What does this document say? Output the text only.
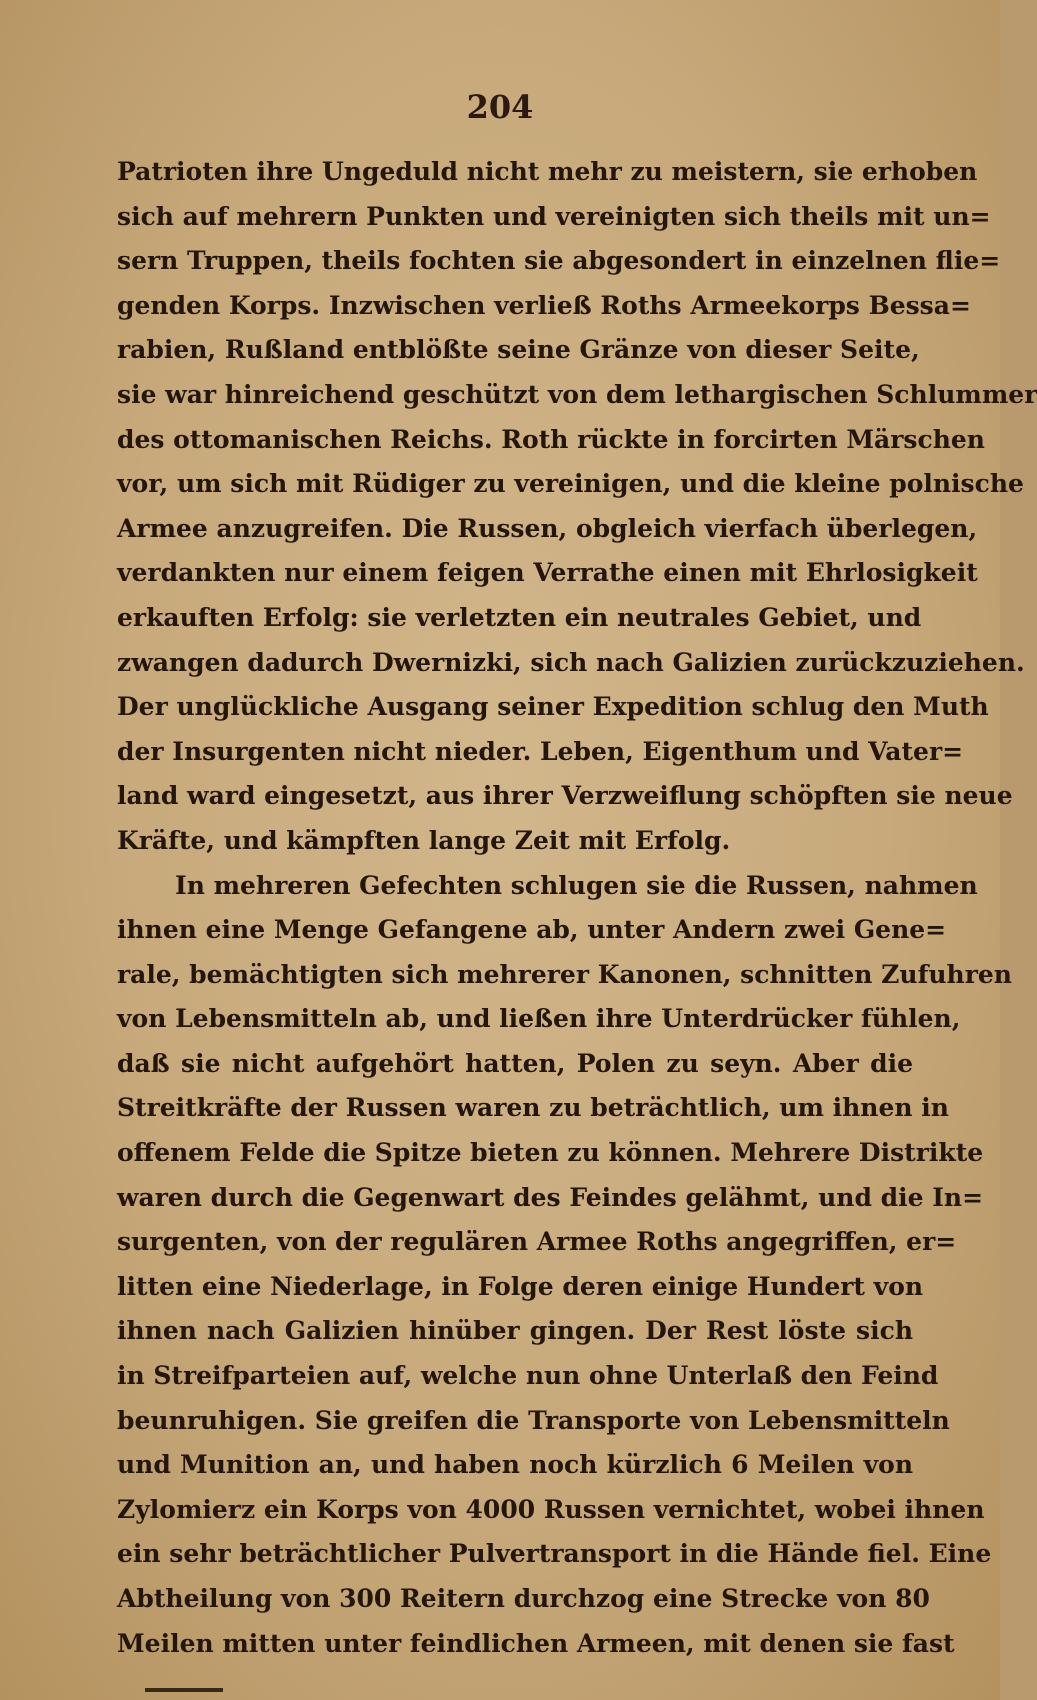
204
Patrioten ihre Ungeduld nicht mehr zu meistern, sie erhoben
sich auf mehrern Punkten und vereinigten sich theils mit un=
sern Truppen, theils fochten sie abgesondert in einzelnen flie=
genden Korps. Inzwischen verließ Roths Armeekorps Bessa=
rabien, Rußland entblößte seine Gränze von dieser Seite,
sie war hinreichend geschützt von dem lethargischen Schlummer
des ottomanischen Reichs. Roth rückte in forcirten Märschen
vor, um sich mit Rüdiger zu vereinigen, und die kleine polnische
Armee anzugreifen. Die Russen, obgleich vierfach überlegen,
verdankten nur einem feigen Verrathe einen mit Ehrlosigkeit
erkauften Erfolg: sie verletzten ein neutrales Gebiet, und
zwangen dadurch Dwernizki, sich nach Galizien zurückzuziehen.
Der unglückliche Ausgang seiner Expedition schlug den Muth
der Insurgenten nicht nieder. Leben, Eigenthum und Vater=
land ward eingesetzt, aus ihrer Verzweiflung schöpften sie neue
Kräfte, und kämpften lange Zeit mit Erfolg.
In mehreren Gefechten schlugen sie die Russen, nahmen
ihnen eine Menge Gefangene ab, unter Andern zwei Gene=
rale, bemächtigten sich mehrerer Kanonen, schnitten Zufuhren
von Lebensmitteln ab, und ließen ihre Unterdrücker fühlen,
daß sie nicht aufgehört hatten, Polen zu seyn. Aber die
Streitkräfte der Russen waren zu beträchtlich, um ihnen in
offenem Felde die Spitze bieten zu können. Mehrere Distrikte
waren durch die Gegenwart des Feindes gelähmt, und die In=
surgenten, von der regulären Armee Roths angegriffen, er=
litten eine Niederlage, in Folge deren einige Hundert von
ihnen nach Galizien hinüber gingen. Der Rest löste sich
in Streifparteien auf, welche nun ohne Unterlaß den Feind
beunruhigen. Sie greifen die Transporte von Lebensmitteln
und Munition an, und haben noch kürzlich 6 Meilen von
Zylomierz ein Korps von 4000 Russen vernichtet, wobei ihnen
ein sehr beträchtlicher Pulvertransport in die Hände fiel. Eine
Abtheilung von 300 Reitern durchzog eine Strecke von 80
Meilen mitten unter feindlichen Armeen, mit denen sie fast
